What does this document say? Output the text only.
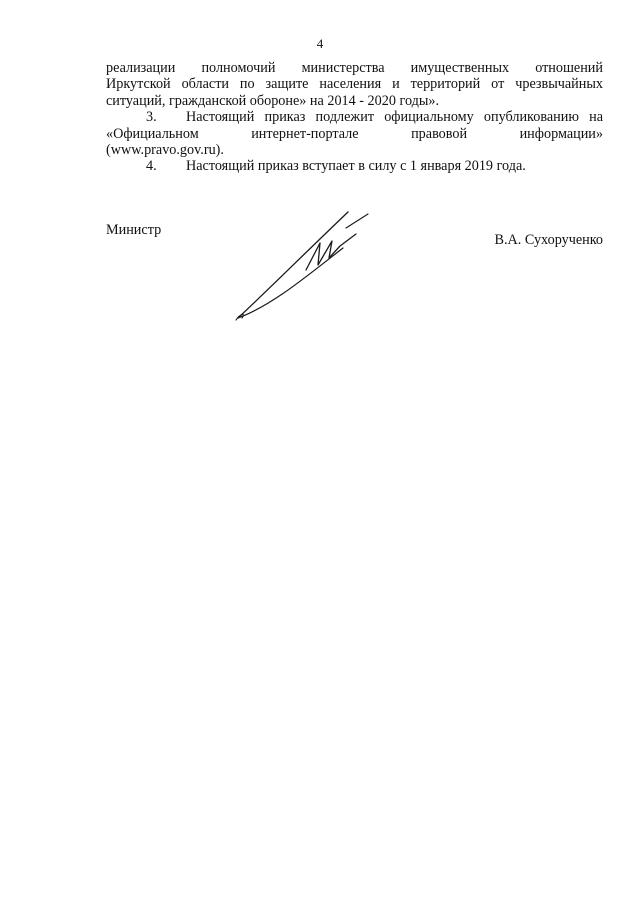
4
реализации полномочий министерства имущественных отношений
Иркутской области по защите населения и территорий от чрезвычайных
ситуаций, гражданской обороне» на 2014 - 2020 годы».
3.	Настоящий приказ подлежит официальному опубликованию на
«Официальном интернет-портале правовой информации»
(www.pravo.gov.ru).
4.	Настоящий приказ вступает в силу с 1 января 2019 года.
Министр
В.А. Сухорученко
